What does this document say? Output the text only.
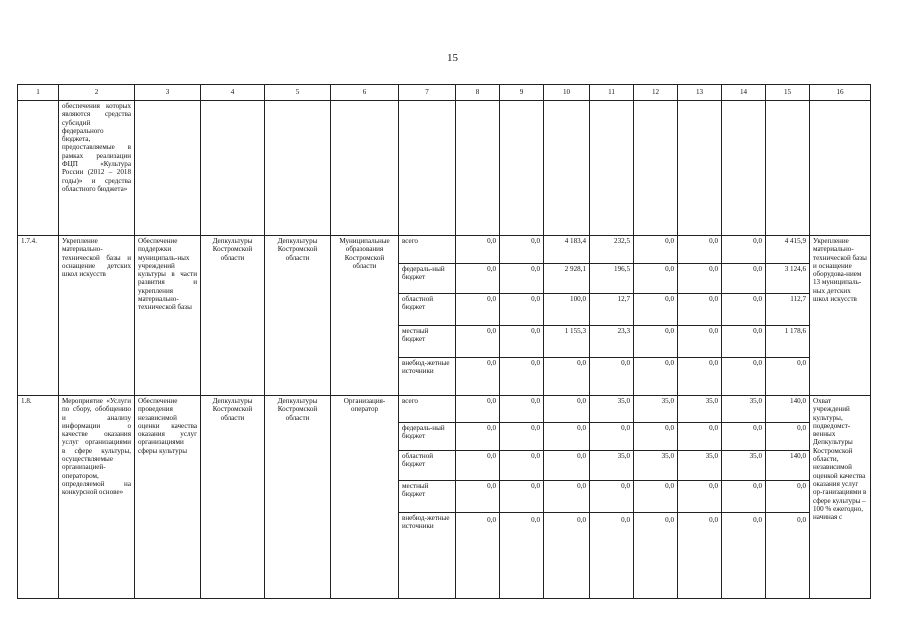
15
1	2	3	4	5	6	7	8	9	10	11	12	13	14	15	16
	обеспечения которых являются средства субсидий федерального бюджета, предоставляемые в рамках реализации ФЦП «Культура России (2012 – 2018 годы)» и средства областного бюджета»														
1.7.4.	Укрепление материально-технической базы и оснащение детских школ искусств	Обеспечение поддержки муниципаль-ных учреждений культуры в части развития и укрепления материально-технической базы	Депкультуры Костромской области	Депкультуры Костромской области	Муниципальные образования Костромской области	всего	0,0	0,0	4 183,4	232,5	0,0	0,0	0,0	4 415,9	Укрепление материально-технической базы и оснащение оборудова-нием 13 муниципаль-ных детских школ искусств
						федераль-ный бюджет	0,0	0,0	2 928,1	196,5	0,0	0,0	0,0	3 124,6	
						областной бюджет	0,0	0,0	100,0	12,7	0,0	0,0	0,0	112,7	
						местный бюджет	0,0	0,0	1 155,3	23,3	0,0	0,0	0,0	1 178,6	
						внебюд-жетные источники	0,0	0,0	0,0	0,0	0,0	0,0	0,0	0,0	
1.8.	Мероприятие «Услуги по сбору, обобщению и анализу информации о качестве оказания услуг организациями в сфере культуры, осуществляемые организацией-оператором, определяемой на конкурсной основе»	Обеспечение проведения независимой оценки качества оказания услуг организациями сферы культуры	Депкультуры Костромской области	Депкультуры Костромской области	Организация-оператор	всего	0,0	0,0	0,0	35,0	35,0	35,0	35,0	140,0	Охват учреждений культуры, подведомст-венных Депкультуры Костромской области, независимой оценкой качества оказания услуг ор-ганизациями в сфере культуры – 100 % ежегодно, начиная с
						федераль-ный бюджет	0,0	0,0	0,0	0,0	0,0	0,0	0,0	0,0	
						областной бюджет	0,0	0,0	0,0	35,0	35,0	35,0	35,0	140,0	
						местный бюджет	0,0	0,0	0,0	0,0	0,0	0,0	0,0	0,0	
						внебюд-жетные источники	0,0	0,0	0,0	0,0	0,0	0,0	0,0	0,0	
